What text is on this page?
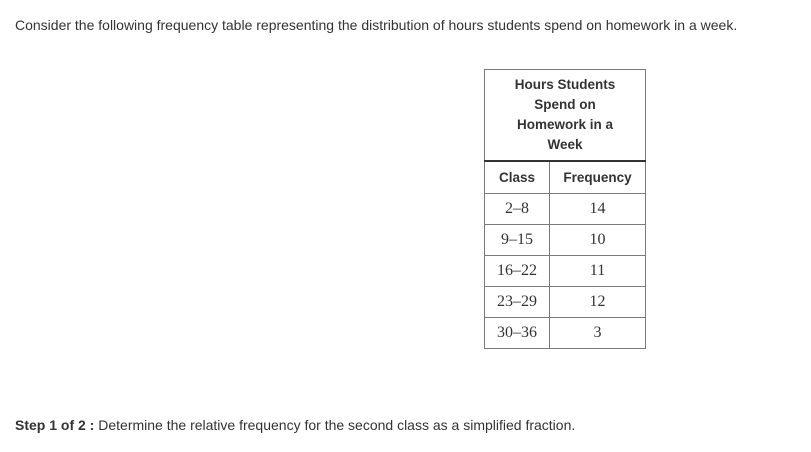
Consider the following frequency table representing the distribution of hours students spend on homework in a week.
Hours Students Spend on Homework in a Week	
Class	Frequency
2–8	14
9–15	10
16–22	11
23–29	12
30–36	3
Step 1 of 2 : Determine the relative frequency for the second class as a simplified fraction.
